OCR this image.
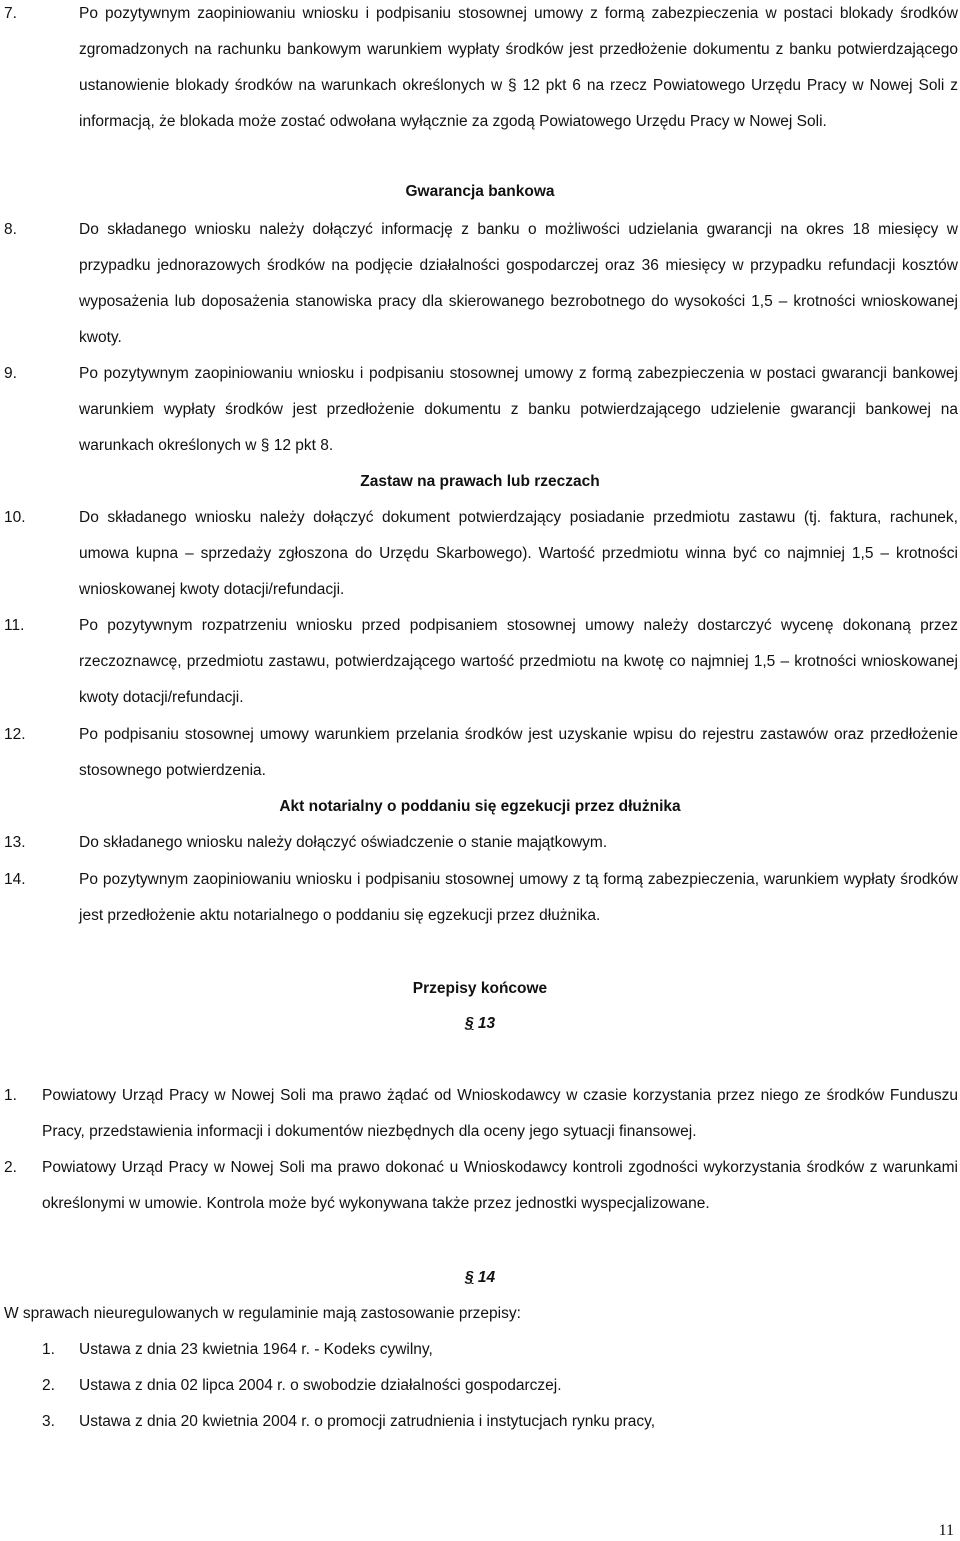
7.	Po pozytywnym zaopiniowaniu wniosku i podpisaniu stosownej umowy z formą zabezpieczenia w postaci blokady środków zgromadzonych na rachunku bankowym warunkiem wypłaty środków jest przedłożenie dokumentu z banku potwierdzającego ustanowienie blokady środków na warunkach określonych w § 12 pkt 6 na rzecz Powiatowego Urzędu Pracy w Nowej Soli z informacją, że blokada może zostać odwołana wyłącznie za zgodą Powiatowego Urzędu Pracy w Nowej Soli.
Gwarancja bankowa
8.	Do składanego wniosku należy dołączyć informację z banku o możliwości udzielania gwarancji na okres 18 miesięcy w przypadku jednorazowych środków na podjęcie działalności gospodarczej oraz 36 miesięcy w przypadku refundacji kosztów wyposażenia lub doposażenia stanowiska pracy dla skierowanego bezrobotnego do wysokości 1,5 – krotności wnioskowanej kwoty.
9.	Po pozytywnym zaopiniowaniu wniosku i podpisaniu stosownej umowy z formą zabezpieczenia w postaci gwarancji bankowej warunkiem wypłaty środków jest przedłożenie dokumentu z banku potwierdzającego udzielenie gwarancji bankowej na warunkach określonych w § 12 pkt 8.
Zastaw na prawach lub rzeczach
10.	Do składanego wniosku należy dołączyć dokument potwierdzający posiadanie przedmiotu zastawu (tj. faktura, rachunek, umowa kupna – sprzedaży zgłoszona do Urzędu Skarbowego). Wartość przedmiotu winna być co najmniej 1,5 – krotności wnioskowanej kwoty dotacji/refundacji.
11.	Po pozytywnym rozpatrzeniu wniosku przed podpisaniem stosownej umowy należy dostarczyć wycenę dokonaną przez rzeczoznawcę, przedmiotu zastawu, potwierdzającego wartość przedmiotu na kwotę co najmniej 1,5 – krotności wnioskowanej kwoty dotacji/refundacji.
12.	Po podpisaniu stosownej umowy warunkiem przelania środków jest uzyskanie wpisu do rejestru zastawów oraz przedłożenie stosownego potwierdzenia.
Akt notarialny o poddaniu się egzekucji przez dłużnika
13.	Do składanego wniosku należy dołączyć oświadczenie o stanie majątkowym.
14.	Po pozytywnym zaopiniowaniu wniosku i podpisaniu stosownej umowy z tą formą zabezpieczenia, warunkiem wypłaty środków jest przedłożenie aktu notarialnego o poddaniu się egzekucji przez dłużnika.
Przepisy końcowe
§ 13
1. Powiatowy Urząd Pracy w Nowej Soli ma prawo żądać od Wnioskodawcy w czasie korzystania przez niego ze środków Funduszu Pracy, przedstawienia informacji i dokumentów niezbędnych dla oceny jego sytuacji finansowej.
2. Powiatowy Urząd Pracy w Nowej Soli ma prawo dokonać u Wnioskodawcy kontroli zgodności wykorzystania środków z warunkami określonymi w umowie. Kontrola może być wykonywana także przez jednostki wyspecjalizowane.
§ 14
W sprawach nieuregulowanych w regulaminie mają zastosowanie przepisy:
1. Ustawa z dnia 23 kwietnia 1964 r. - Kodeks cywilny,
2. Ustawa z dnia 02 lipca 2004 r. o swobodzie działalności gospodarczej.
3. Ustawa z dnia 20 kwietnia 2004 r. o promocji zatrudnienia i instytucjach rynku pracy,
11
